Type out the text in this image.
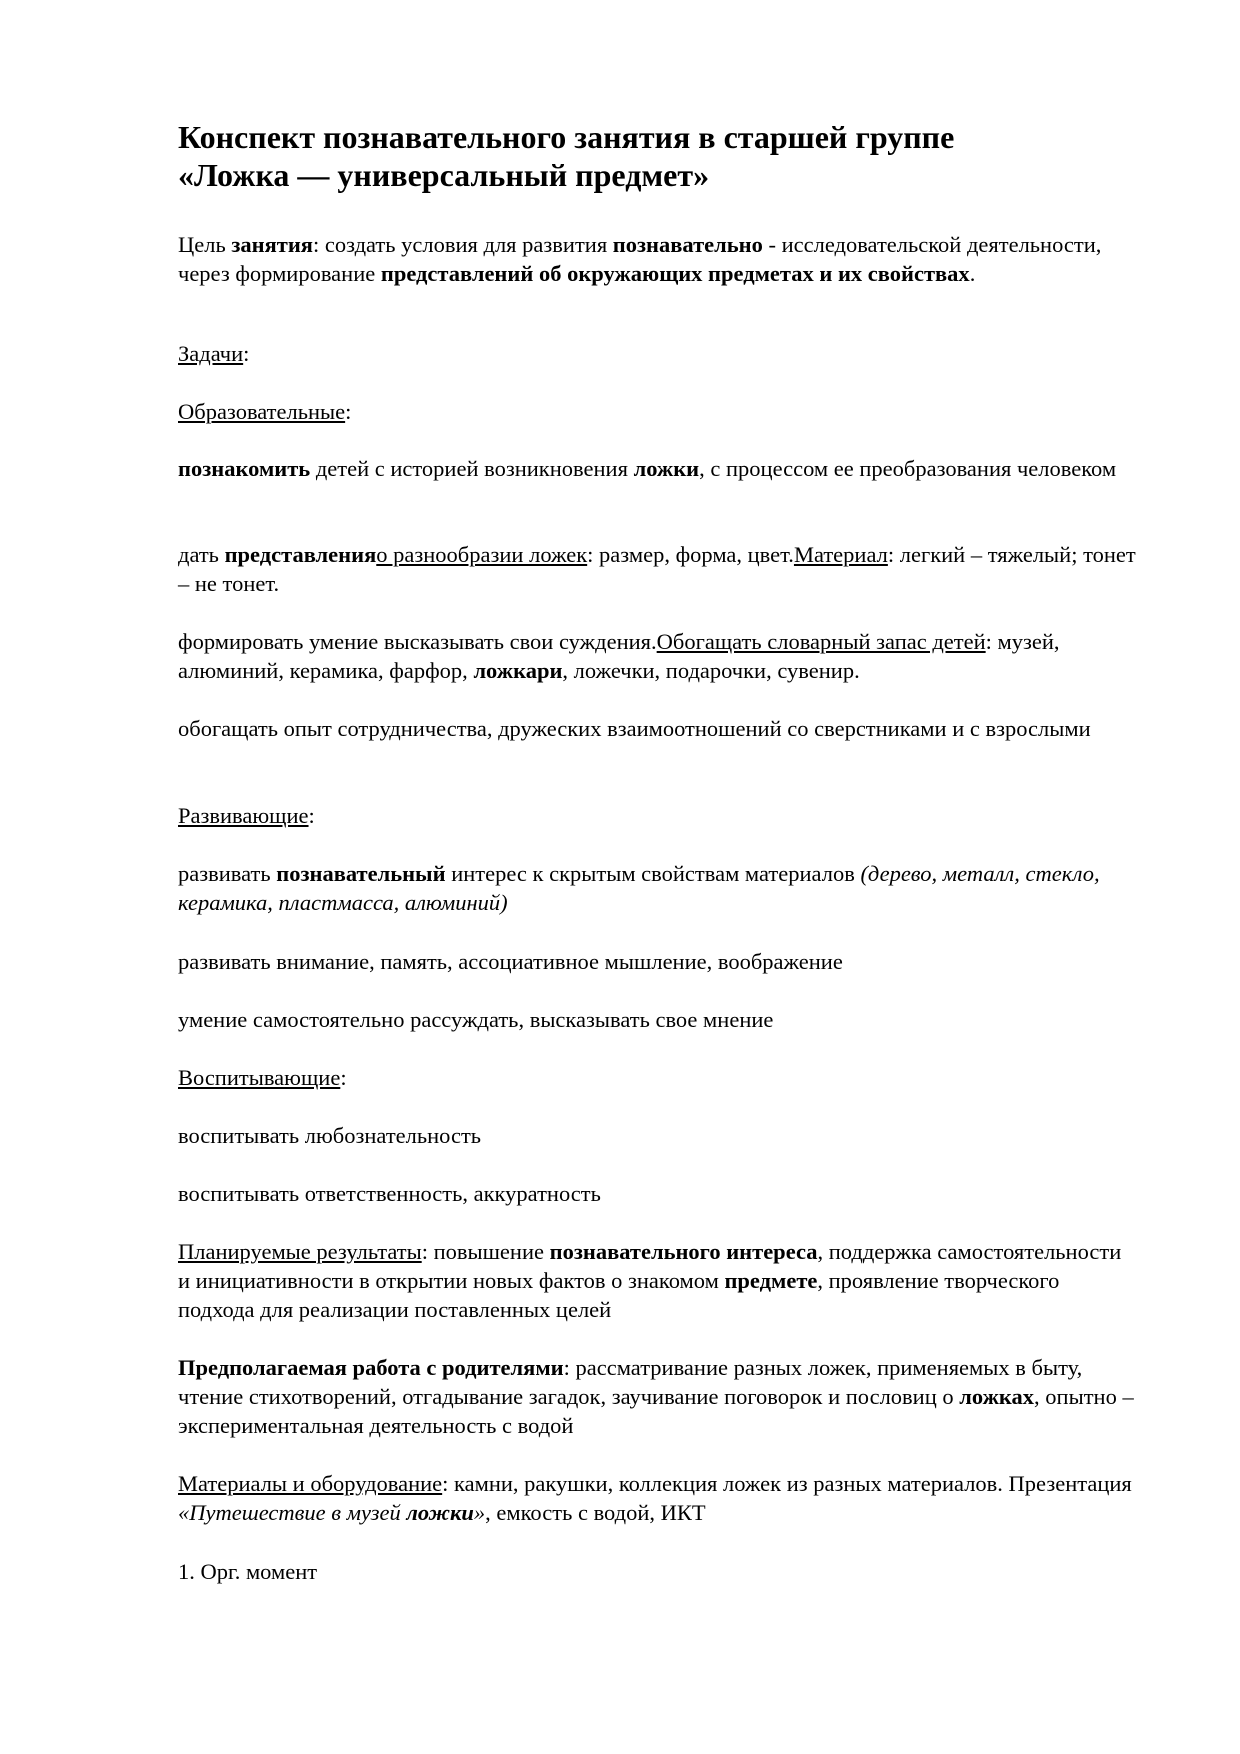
Конспект познавательного занятия в старшей группе
«Ложка — универсальный предмет»

Цель занятия: создать условия для развития познавательно - исследовательской деятельности, через формирование представлений об окружающих предметах и их свойствах.

Задачи:

Образовательные:

познакомить детей с историей возникновения ложки, с процессом ее преобразования человеком

дать представленияо разнообразии ложек: размер, форма, цвет.Материал: легкий – тяжелый; тонет – не тонет.

формировать умение высказывать свои суждения.Обогащать словарный запас детей: музей, алюминий, керамика, фарфор, ложкари, ложечки, подарочки, сувенир.

обогащать опыт сотрудничества, дружеских взаимоотношений со сверстниками и с взрослыми

Развивающие:

развивать познавательный интерес к скрытым свойствам материалов (дерево, металл, стекло, керамика, пластмасса, алюминий)

развивать внимание, память, ассоциативное мышление, воображение

умение самостоятельно рассуждать, высказывать свое мнение

Воспитывающие:

воспитывать любознательность

воспитывать ответственность, аккуратность

Планируемые результаты: повышение познавательного интереса, поддержка самостоятельности и инициативности в открытии новых фактов о знакомом предмете, проявление творческого подхода для реализации поставленных целей

Предполагаемая работа с родителями: рассматривание разных ложек, применяемых в быту, чтение стихотворений, отгадывание загадок, заучивание поговорок и пословиц о ложках, опытно – экспериментальная деятельность с водой

Материалы и оборудование: камни, ракушки, коллекция ложек из разных материалов. Презентация «Путешествие в музей ложки», емкость с водой, ИКТ

1. Орг. момент
